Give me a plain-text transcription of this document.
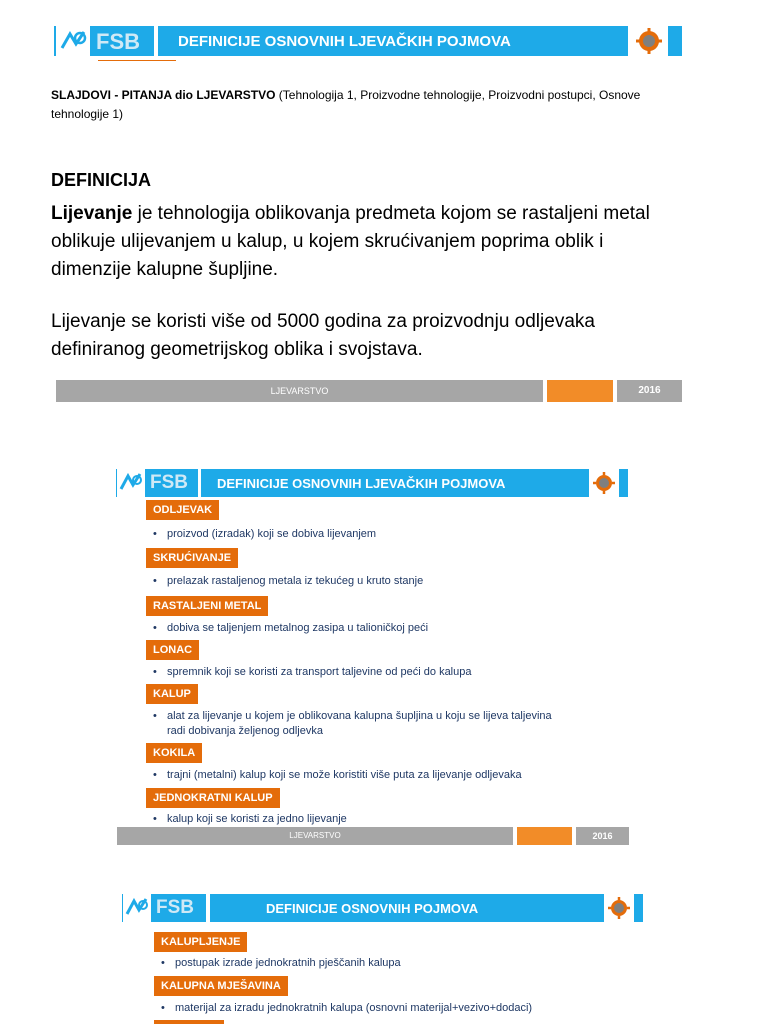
FSB	DEFINICIJE OSNOVNIH LJEVAČKIH POJMOVA
SLAJDOVI - PITANJA dio LJEVARSTVO (Tehnologija 1, Proizvodne tehnologije, Proizvodni postupci, Osnove
tehnologije 1)
DEFINICIJA
Lijevanje je tehnologija oblikovanja predmeta kojom se rastaljeni metal
oblikuje ulijevanjem u kalup, u kojem skrućivanjem poprima oblik i
dimenzije kalupne šupljine.
Lijevanje se koristi više od 5000 godina za proizvodnju odljevaka
definiranog geometrijskog oblika i svojstava.
LJEVARSTVO	2016
FSB DEFINICIJE OSNOVNIH LJEVAČKIH POJMOVA
ODLJEVAK
• proizvod (izradak) koji se dobiva lijevanjem
SKRUĆIVANJE
• prelazak rastaljenog metala iz tekućeg u kruto stanje
RASTALJENI METAL
• dobiva se taljenjem metalnog zasipa u talioničkoj peći
LONAC
• spremnik koji se koristi za transport taljevine od peći do kalupa
KALUP
• alat za lijevanje u kojem je oblikovana kalupna šupljina u koju se lijeva taljevina
radi dobivanja željenog odljevka
KOKILA
• trajni (metalni) kalup koji se može koristiti više puta za lijevanje odljevaka
JEDNOKRATNI KALUP
• kalup koji se koristi za jedno lijevanje
LJEVARSTVO	2016
FSB	DEFINICIJE OSNOVNIH POJMOVA
KALUPLJENJE
• postupak izrade jednokratnih pješčanih kalupa
KALUPNA MJEŠAVINA
• materijal za izradu jednokratnih kalupa (osnovni materijal+vezivo+dodaci)
